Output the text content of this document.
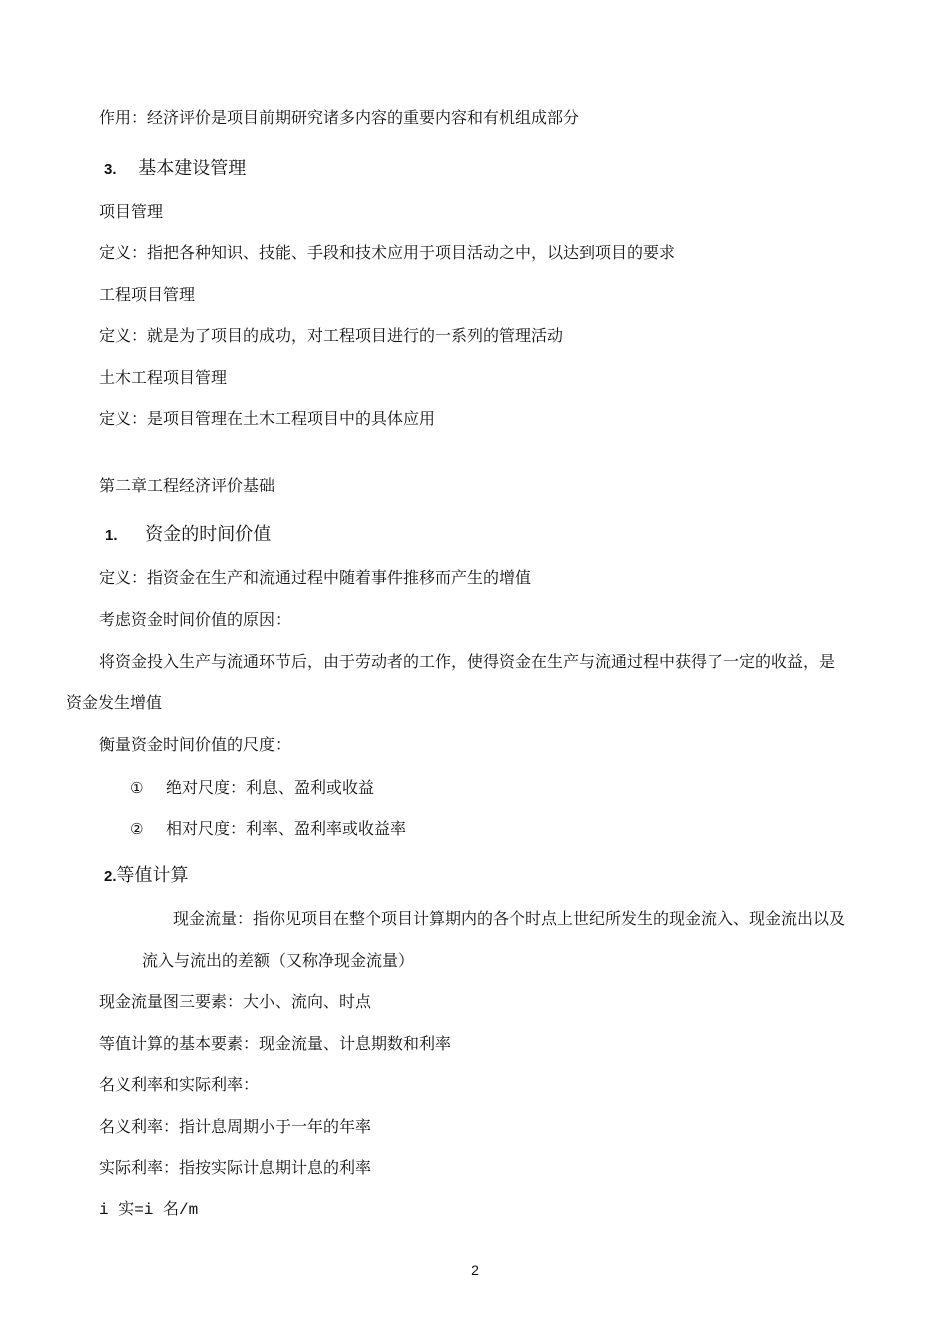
作用：经济评价是项目前期研究诸多内容的重要内容和有机组成部分
3. 基本建设管理
项目管理
定义：指把各种知识、技能、手段和技术应用于项目活动之中，以达到项目的要求
工程项目管理
定义：就是为了项目的成功，对工程项目进行的一系列的管理活动
土木工程项目管理
定义：是项目管理在土木工程项目中的具体应用
第二章工程经济评价基础
1. 资金的时间价值
定义：指资金在生产和流通过程中随着事件推移而产生的增值
考虑资金时间价值的原因：
将资金投入生产与流通环节后，由于劳动者的工作，使得资金在生产与流通过程中获得了一定的收益，是
资金发生增值
衡量资金时间价值的尺度：
① 绝对尺度：利息、盈利或收益
② 相对尺度：利率、盈利率或收益率
2.等值计算
现金流量：指你见项目在整个项目计算期内的各个时点上世纪所发生的现金流入、现金流出以及
流入与流出的差额（又称净现金流量）
现金流量图三要素：大小、流向、时点
等值计算的基本要素：现金流量、计息期数和利率
名义利率和实际利率：
名义利率：指计息周期小于一年的年率
实际利率：指按实际计息期计息的利率
i 实=i 名/m
2
